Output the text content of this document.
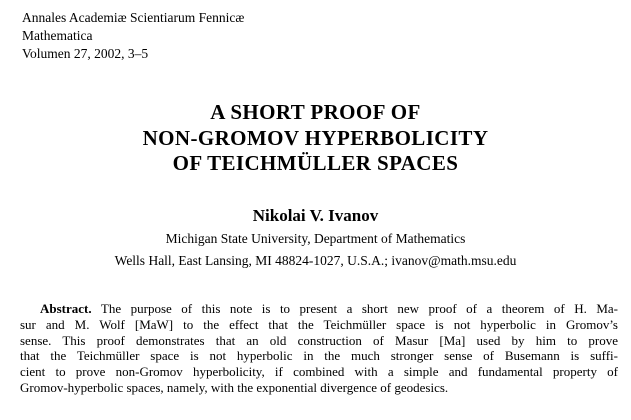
Annales Academiæ Scientiarum Fennicæ
Mathematica
Volumen 27, 2002, 3–5
A SHORT PROOF OF
NON-GROMOV HYPERBOLICITY
OF TEICHMÜLLER SPACES
Nikolai V. Ivanov
Michigan State University, Department of Mathematics
Wells Hall, East Lansing, MI 48824-1027, U.S.A.; ivanov@math.msu.edu
Abstract. The purpose of this note is to present a short new proof of a theorem of H. Ma-
sur and M. Wolf [MaW] to the effect that the Teichmüller space is not hyperbolic in Gromov’s
sense. This proof demonstrates that an old construction of Masur [Ma] used by him to prove
that the Teichmüller space is not hyperbolic in the much stronger sense of Busemann is suffi-
cient to prove non-Gromov hyperbolicity, if combined with a simple and fundamental property of
Gromov-hyperbolic spaces, namely, with the exponential divergence of geodesics.
